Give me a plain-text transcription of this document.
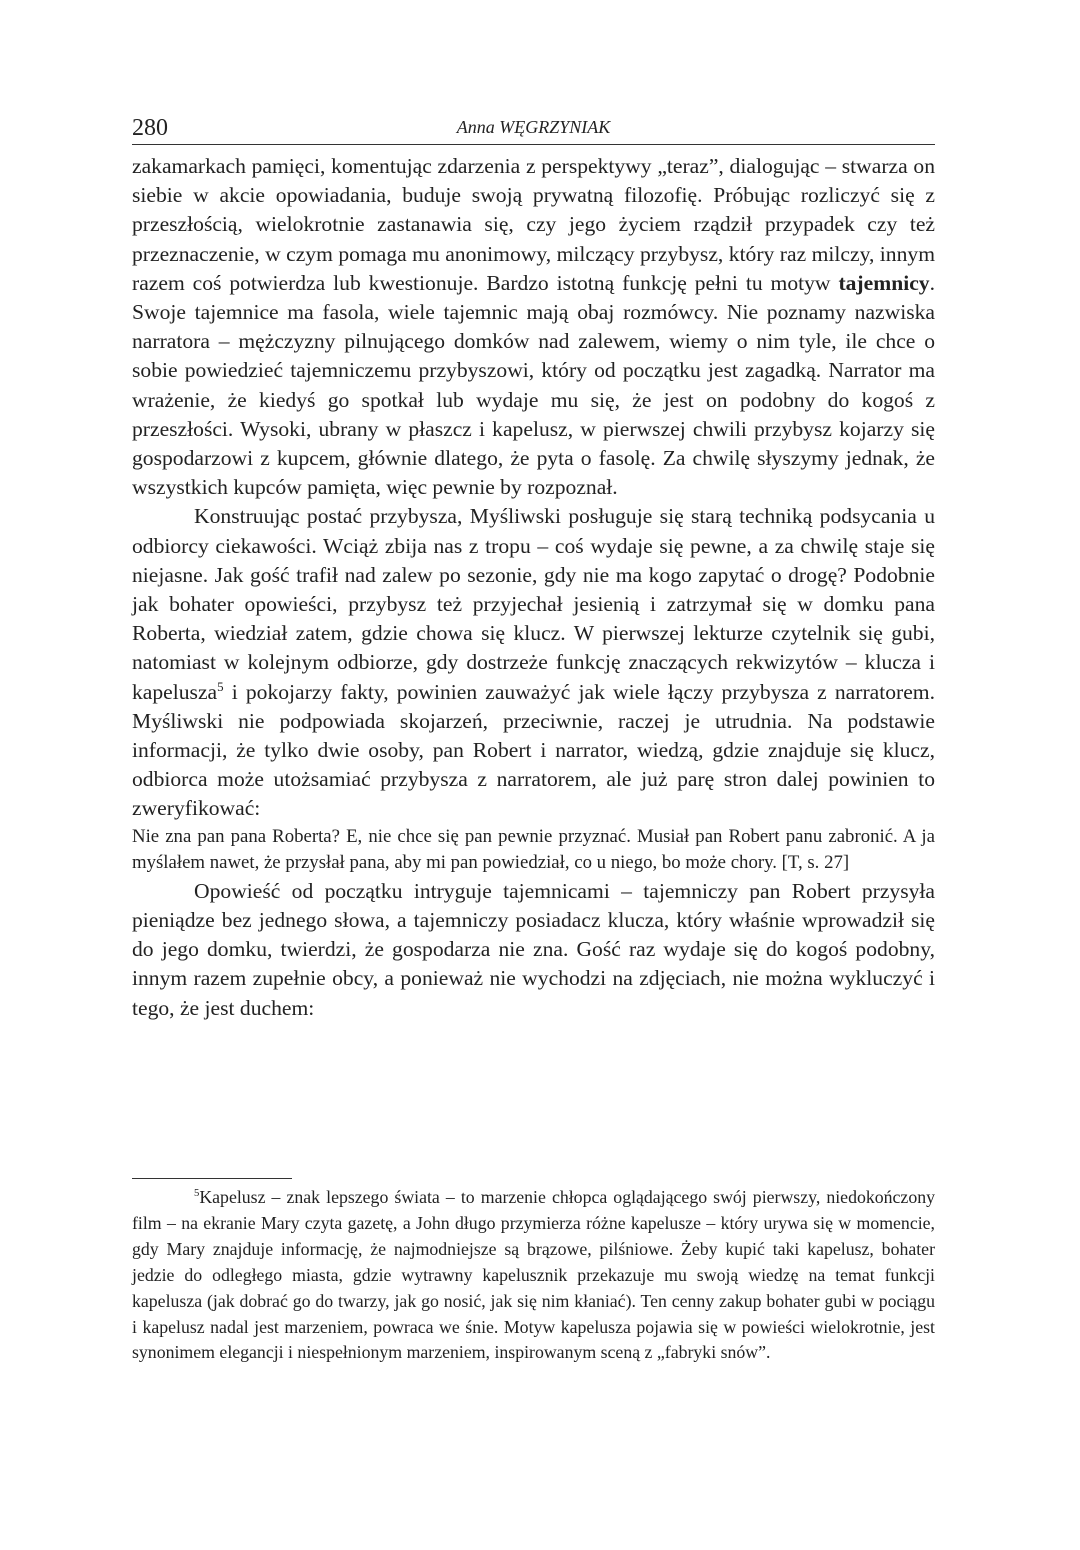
280	Anna WĘGRZYNIAK

zakamarkach pamięci, komentując zdarzenia z perspektywy „teraz”, dialogując – stwarza on siebie w akcie opowiadania, buduje swoją prywatną filozofię. Próbując rozliczyć się z przeszłością, wielokrotnie zastanawia się, czy jego życiem rządził przypadek czy też przeznaczenie, w czym pomaga mu anonimowy, milczący przybysz, który raz milczy, innym razem coś potwierdza lub kwestionuje. Bardzo istotną funkcję pełni tu motyw tajemnicy. Swoje tajemnice ma fasola, wiele tajemnic mają obaj rozmówcy. Nie poznamy nazwiska narratora – mężczyzny pilnującego domków nad zalewem, wiemy o nim tyle, ile chce o sobie powiedzieć tajemniczemu przybyszowi, który od początku jest zagadką. Narrator ma wrażenie, że kiedyś go spotkał lub wydaje mu się, że jest on podobny do kogoś z przeszłości. Wysoki, ubrany w płaszcz i kapelusz, w pierwszej chwili przybysz kojarzy się gospodarzowi z kupcem, głównie dlatego, że pyta o fasolę. Za chwilę słyszymy jednak, że wszystkich kupców pamięta, więc pewnie by rozpoznał.

Konstruując postać przybysza, Myśliwski posługuje się starą techniką podsycania u odbiorcy ciekawości. Wciąż zbija nas z tropu – coś wydaje się pewne, a za chwilę staje się niejasne. Jak gość trafił nad zalew po sezonie, gdy nie ma kogo zapytać o drogę? Podobnie jak bohater opowieści, przybysz też przyjechał jesienią i zatrzymał się w domku pana Roberta, wiedział zatem, gdzie chowa się klucz. W pierwszej lekturze czytelnik się gubi, natomiast w kolejnym odbiorze, gdy dostrzeże funkcję znaczących rekwizytów – klucza i kapelusza$^5$ i pokojarzy fakty, powinien zauważyć jak wiele łączy przybysza z narratorem. Myśliwski nie podpowiada skojarzeń, przeciwnie, raczej je utrudnia. Na podstawie informacji, że tylko dwie osoby, pan Robert i narrator, wiedzą, gdzie znajduje się klucz, odbiorca może utożsamiać przybysza z narratorem, ale już parę stron dalej powinien to zweryfikować:

Nie zna pan pana Roberta? E, nie chce się pan pewnie przyznać. Musiał pan Robert panu zabronić. A ja myślałem nawet, że przysłał pana, aby mi pan powiedział, co u niego, bo może chory. [T, s. 27]

Opowieść od początku intryguje tajemnicami – tajemniczy pan Robert przysyła pieniądze bez jednego słowa, a tajemniczy posiadacz klucza, który właśnie wprowadził się do jego domku, twierdzi, że gospodarza nie zna. Gość raz wydaje się do kogoś podobny, innym razem zupełnie obcy, a ponieważ nie wychodzi na zdjęciach, nie można wykluczyć i tego, że jest duchem:

$^5$Kapelusz – znak lepszego świata – to marzenie chłopca oglądającego swój pierwszy, niedokończony film – na ekranie Mary czyta gazetę, a John długo przymierza różne kapelusze – który urywa się w momencie, gdy Mary znajduje informację, że najmodniejsze są brązowe, pilśniowe. Żeby kupić taki kapelusz, bohater jedzie do odległego miasta, gdzie wytrawny kapelusznik przekazuje mu swoją wiedzę na temat funkcji kapelusza (jak dobrać go do twarzy, jak go nosić, jak się nim kłaniać). Ten cenny zakup bohater gubi w pociągu i kapelusz nadal jest marzeniem, powraca we śnie. Motyw kapelusza pojawia się w powieści wielokrotnie, jest synonimem elegancji i niespełnionym marzeniem, inspirowanym sceną z „fabryki snów”.
